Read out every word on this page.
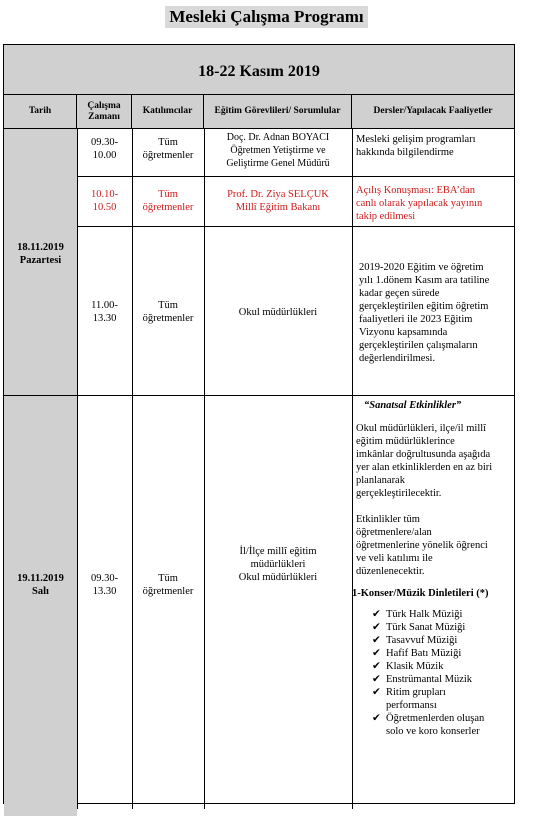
Mesleki Çalışma Programı
18-22 Kasım 2019
Tarih
Çalışma Zamanı
Katılımcılar	Eğitim Görevlileri/ Sorumlular	Dersler/Yapılacak Faaliyetler
18.11.2019
Pazartesi
09.30-
10.00
Tüm
öğretmenler
Doç. Dr. Adnan BOYACI
Öğretmen Yetiştirme ve
Geliştirme Genel Müdürü
Mesleki gelişim programları
hakkında bilgilendirme
10.10-
10.50
Tüm
öğretmenler
Prof. Dr. Ziya SELÇUK
Millî Eğitim Bakanı
Açılış Konuşması: EBA’dan
canlı olarak yapılacak yayının
takip edilmesi
11.00-
13.30
Tüm
öğretmenler
Okul müdürlükleri
2019-2020 Eğitim ve öğretim
yılı 1.dönem Kasım ara tatiline
kadar geçen sürede
gerçekleştirilen eğitim öğretim
faaliyetleri ile 2023 Eğitim
Vizyonu kapsamında
gerçekleştirilen çalışmaların
değerlendirilmesi.
19.11.2019
Salı
09.30-
13.30
Tüm
öğretmenler
İl/İlçe millî eğitim
müdürlükleri
Okul müdürlükleri
“Sanatsal Etkinlikler”
Okul müdürlükleri, ilçe/il millî
eğitim müdürlüklerince
imkânlar doğrultusunda aşağıda
yer alan etkinliklerden en az biri
planlanarak
gerçekleştirilecektir.
Etkinlikler tüm
öğretmenlere/alan
öğretmenlerine yönelik öğrenci
ve veli katılımı ile
düzenlenecektir.
1-Konser/Müzik Dinletileri (*)
✔ Türk Halk Müziği
✔ Türk Sanat Müziği
✔ Tasavvuf Müziği
✔ Hafif Batı Müziği
✔ Klasik Müzik
✔ Enstrümantal Müzik
✔ Ritim grupları
performansı
✔ Öğretmenlerden oluşan
solo ve koro konserler
